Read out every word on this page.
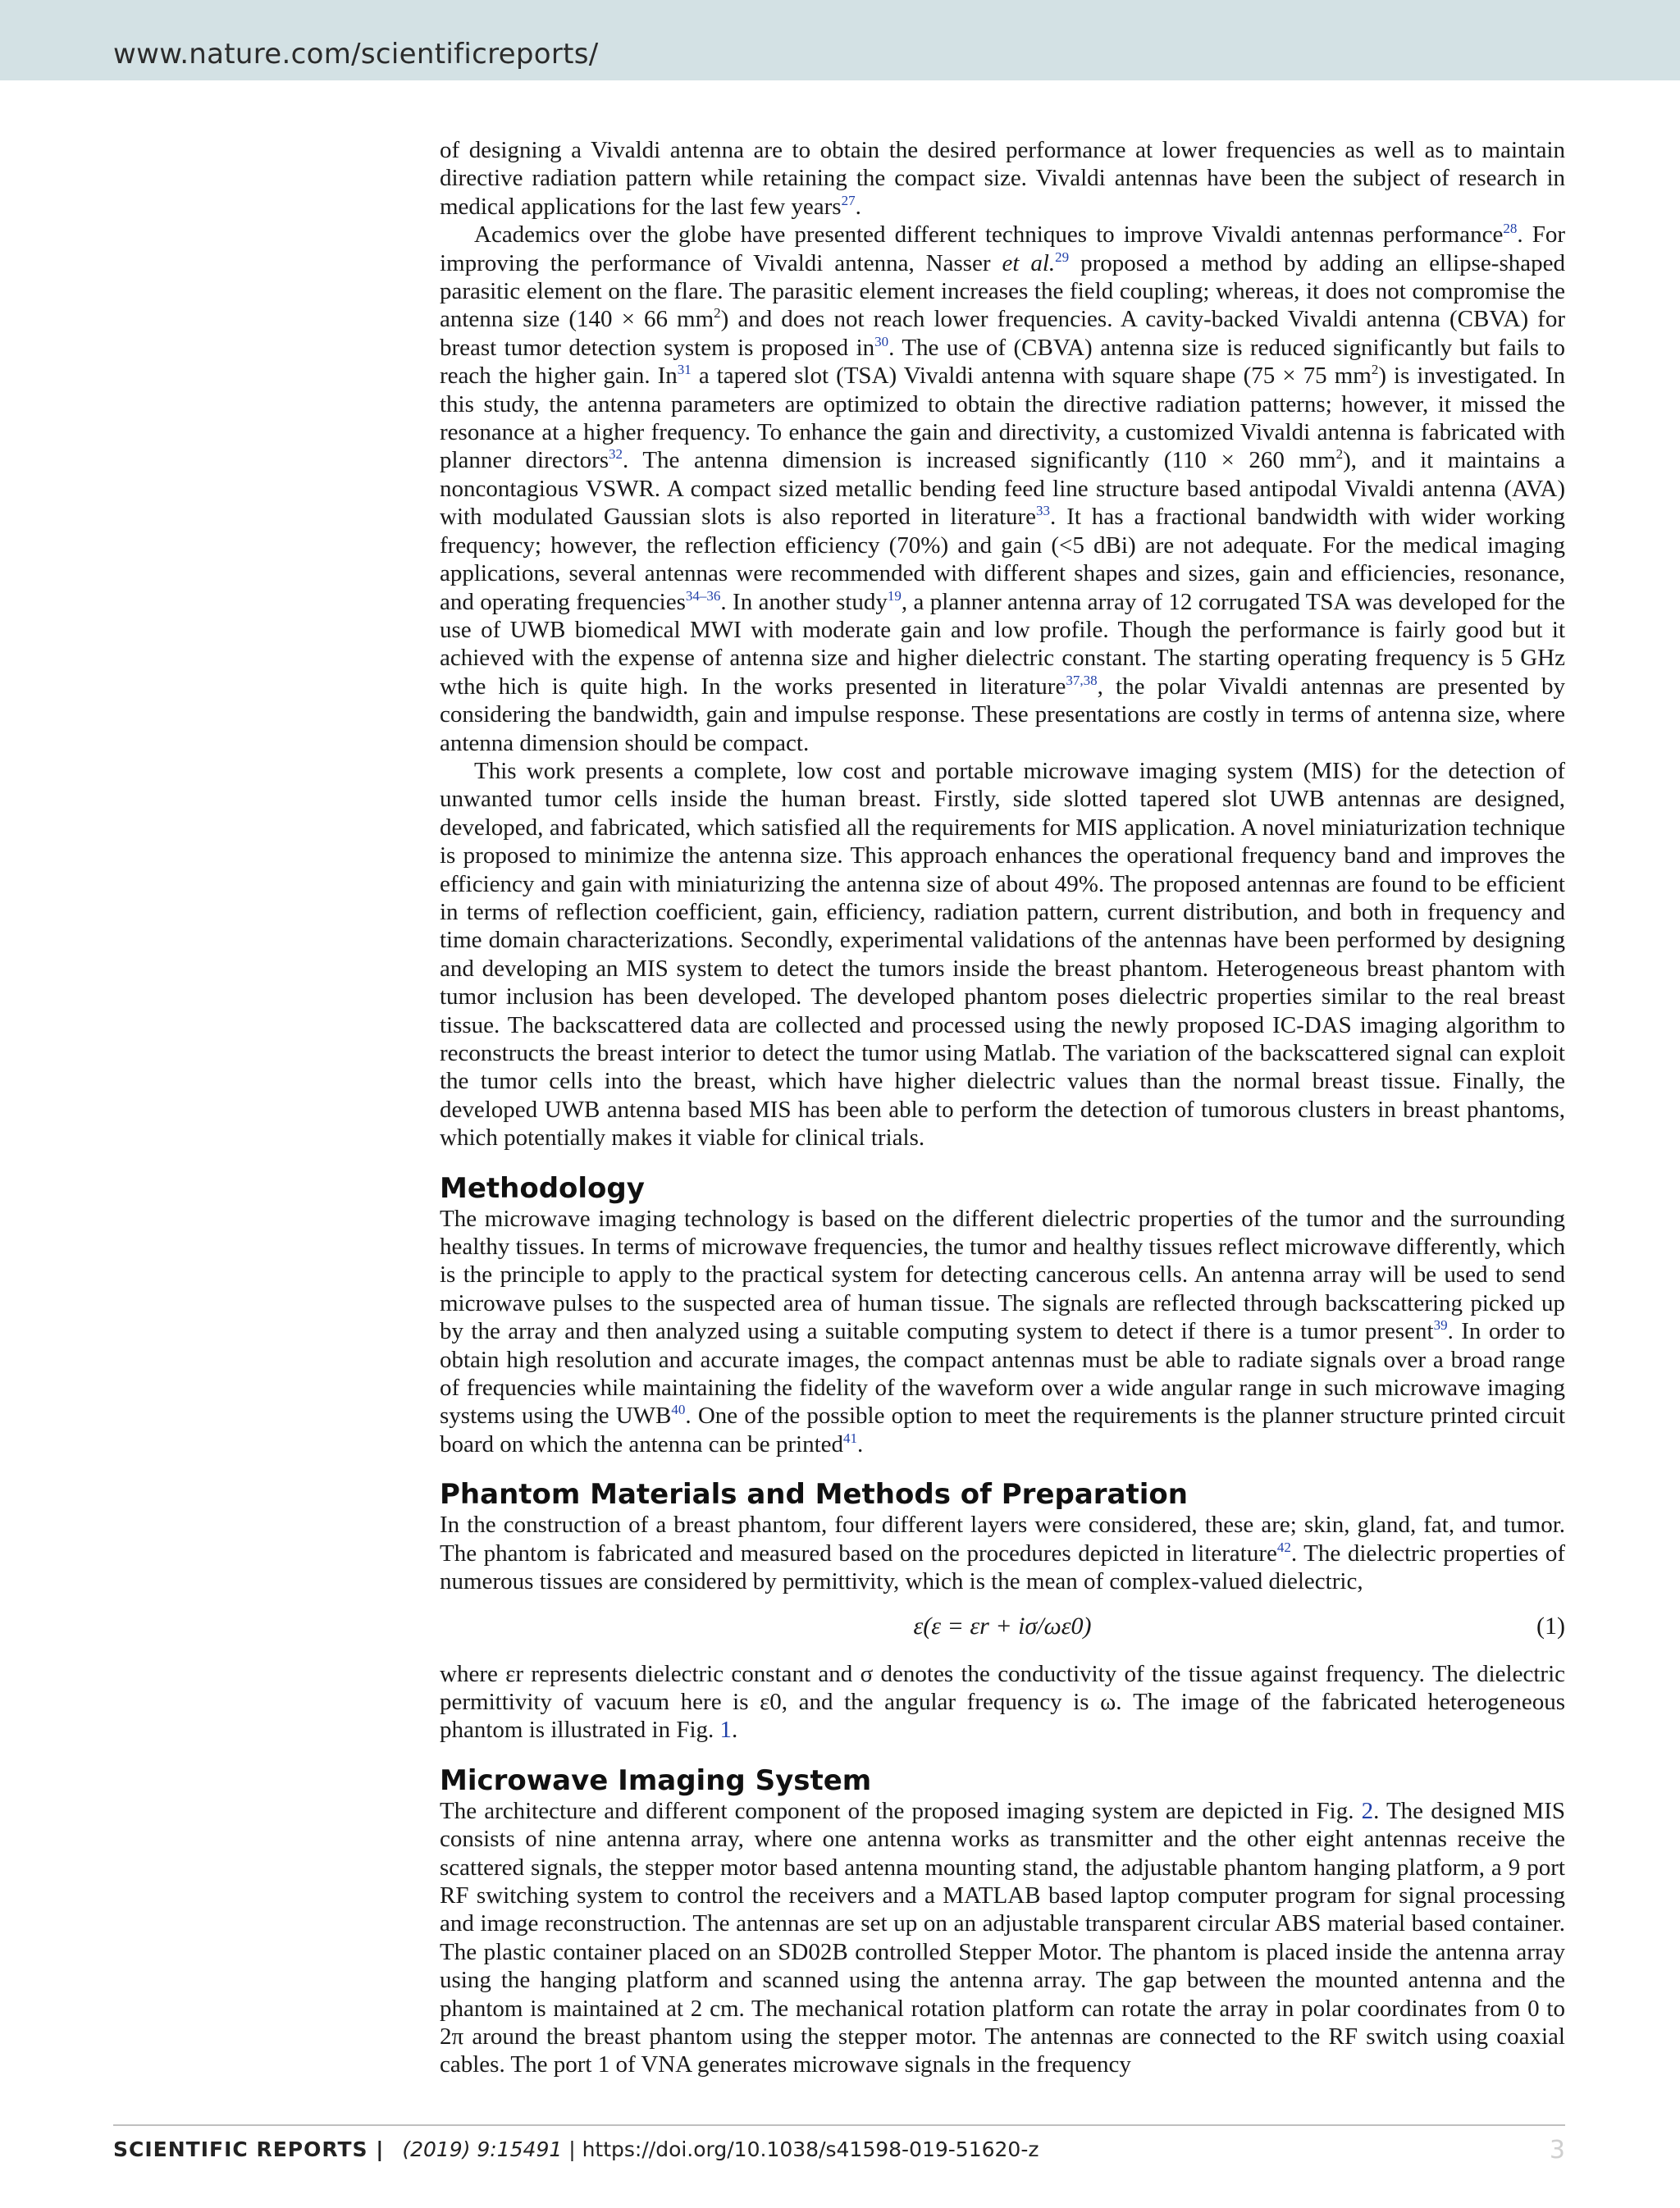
www.nature.com/scientificreports/

of designing a Vivaldi antenna are to obtain the desired performance at lower frequencies as well as to maintain directive radiation pattern while retaining the compact size. Vivaldi antennas have been the subject of research in medical applications for the last few years$^{27}$.

Academics over the globe have presented different techniques to improve Vivaldi antennas performance$^{28}$. For improving the performance of Vivaldi antenna, Nasser et al.$^{29}$ proposed a method by adding an ellipse-shaped parasitic element on the flare. The parasitic element increases the field coupling; whereas, it does not compromise the antenna size (140 × 66 $mm^2$) and does not reach lower frequencies. A cavity-backed Vivaldi antenna (CBVA) for breast tumor detection system is proposed in$^{30}$. The use of (CBVA) antenna size is reduced significantly but fails to reach the higher gain. In$^{31}$ a tapered slot (TSA) Vivaldi antenna with square shape (75 × 75 $mm^2$) is investigated. In this study, the antenna parameters are optimized to obtain the directive radiation patterns; however, it missed the resonance at a higher frequency. To enhance the gain and directivity, a customized Vivaldi antenna is fabricated with planner directors$^{32}$. The antenna dimension is increased significantly (110 × 260 $mm^2$), and it maintains a noncontagious VSWR. A compact sized metallic bending feed line structure based antipodal Vivaldi antenna (AVA) with modulated Gaussian slots is also reported in literature$^{33}$. It has a fractional bandwidth with wider working frequency; however, the reflection efficiency (70%) and gain (<5 dBi) are not adequate. For the medical imaging applications, several antennas were recommended with different shapes and sizes, gain and efficiencies, resonance, and operating frequencies$^{34-36}$. In another study$^{19}$, a planner antenna array of 12 corrugated TSA was developed for the use of UWB biomedical MWI with moderate gain and low profile. Though the performance is fairly good but it achieved with the expense of antenna size and higher dielectric constant. The starting operating frequency is 5 GHz wthe hich is quite high. In the works presented in literature$^{37,38}$, the polar Vivaldi antennas are presented by considering the bandwidth, gain and impulse response. These presentations are costly in terms of antenna size, where antenna dimension should be compact.

This work presents a complete, low cost and portable microwave imaging system (MIS) for the detection of unwanted tumor cells inside the human breast. Firstly, side slotted tapered slot UWB antennas are designed, developed, and fabricated, which satisfied all the requirements for MIS application. A novel miniaturization technique is proposed to minimize the antenna size. This approach enhances the operational frequency band and improves the efficiency and gain with miniaturizing the antenna size of about 49%. The proposed antennas are found to be efficient in terms of reflection coefficient, gain, efficiency, radiation pattern, current distribution, and both in frequency and time domain characterizations. Secondly, experimental validations of the antennas have been performed by designing and developing an MIS system to detect the tumors inside the breast phantom. Heterogeneous breast phantom with tumor inclusion has been developed. The developed phantom poses dielectric properties similar to the real breast tissue. The backscattered data are collected and processed using the newly proposed IC-DAS imaging algorithm to reconstructs the breast interior to detect the tumor using Matlab. The variation of the backscattered signal can exploit the tumor cells into the breast, which have higher dielectric values than the normal breast tissue. Finally, the developed UWB antenna based MIS has been able to perform the detection of tumorous clusters in breast phantoms, which potentially makes it viable for clinical trials.

Methodology

The microwave imaging technology is based on the different dielectric properties of the tumor and the surrounding healthy tissues. In terms of microwave frequencies, the tumor and healthy tissues reflect microwave differently, which is the principle to apply to the practical system for detecting cancerous cells. An antenna array will be used to send microwave pulses to the suspected area of human tissue. The signals are reflected through backscattering picked up by the array and then analyzed using a suitable computing system to detect if there is a tumor present$^{39}$. In order to obtain high resolution and accurate images, the compact antennas must be able to radiate signals over a broad range of frequencies while maintaining the fidelity of the waveform over a wide angular range in such microwave imaging systems using the UWB$^{40}$. One of the possible option to meet the requirements is the planner structure printed circuit board on which the antenna can be printed$^{41}$.

Phantom Materials and Methods of Preparation

In the construction of a breast phantom, four different layers were considered, these are; skin, gland, fat, and tumor. The phantom is fabricated and measured based on the procedures depicted in literature$^{42}$. The dielectric properties of numerous tissues are considered by permittivity, which is the mean of complex-valued dielectric,

ε(ε = εr + iσ/ωε0)	(1)

where εr represents dielectric constant and σ denotes the conductivity of the tissue against frequency. The dielectric permittivity of vacuum here is ε0, and the angular frequency is ω. The image of the fabricated heterogeneous phantom is illustrated in Fig. 1.

Microwave Imaging System

The architecture and different component of the proposed imaging system are depicted in Fig. 2. The designed MIS consists of nine antenna array, where one antenna works as transmitter and the other eight antennas receive the scattered signals, the stepper motor based antenna mounting stand, the adjustable phantom hanging platform, a 9 port RF switching system to control the receivers and a MATLAB based laptop computer program for signal processing and image reconstruction. The antennas are set up on an adjustable transparent circular ABS material based container. The plastic container placed on an SD02B controlled Stepper Motor. The phantom is placed inside the antenna array using the hanging platform and scanned using the antenna array. The gap between the mounted antenna and the phantom is maintained at 2 cm. The mechanical rotation platform can rotate the array in polar coordinates from 0 to 2π around the breast phantom using the stepper motor. The antennas are connected to the RF switch using coaxial cables. The port 1 of VNA generates microwave signals in the frequency

SCIENTIFIC REPORTS | (2019) 9:15491 | https://doi.org/10.1038/s41598-019-51620-z	3
